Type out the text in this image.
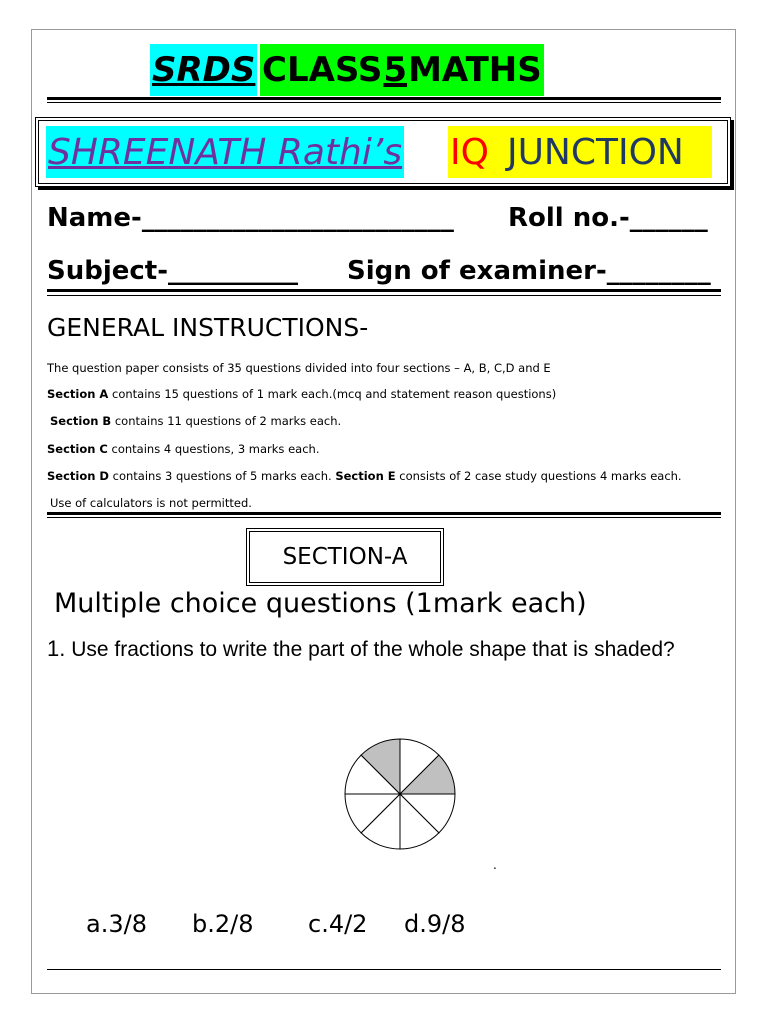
SRDS CLASS 5 MATHS
SHREENATH Rathi’s IQ JUNCTION
Name-________________________ Roll no.-______
Subject-__________ Sign of examiner-________
GENERAL INSTRUCTIONS-
The question paper consists of 35 questions divided into four sections – A, B, C,D and E
Section A contains 15 questions of 1 mark each.(mcq and statement reason questions)
Section B contains 11 questions of 2 marks each.
Section C contains 4 questions, 3 marks each.
Section D contains 3 questions of 5 marks each. Section E consists of 2 case study questions 4 marks each.
Use of calculators is not permitted.
SECTION-A
Multiple choice questions (1mark each)
1. Use fractions to write the part of the whole shape that is shaded?
.
a.3/8 b.2/8 c.4/2 d.9/8
